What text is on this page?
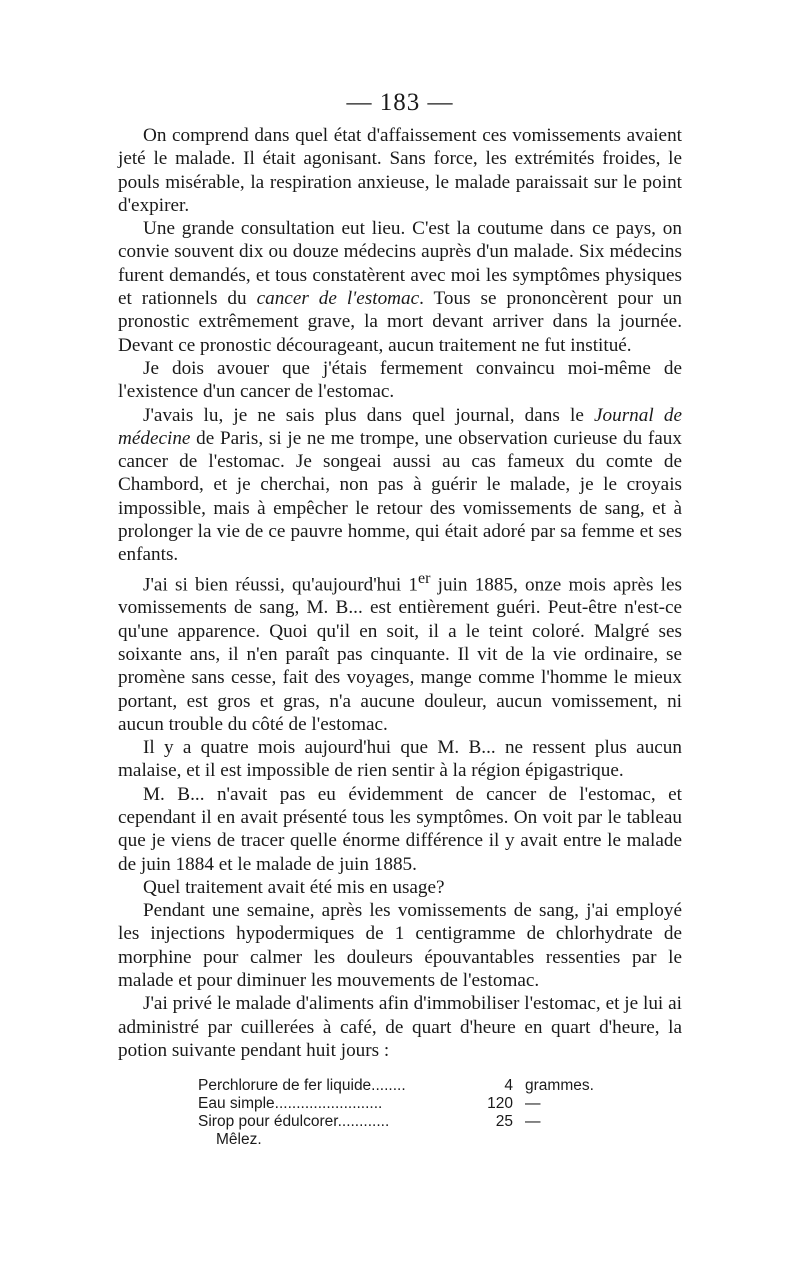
— 183 —

On comprend dans quel état d'affaissement ces vomissements avaient jeté le malade. Il était agonisant. Sans force, les extrémités froides, le pouls misérable, la respiration anxieuse, le malade paraissait sur le point d'expirer.

Une grande consultation eut lieu. C'est la coutume dans ce pays, on convie souvent dix ou douze médecins auprès d'un malade. Six médecins furent demandés, et tous constatèrent avec moi les symptômes physiques et rationnels du cancer de l'estomac. Tous se prononcèrent pour un pronostic extrêmement grave, la mort devant arriver dans la journée. Devant ce pronostic décourageant, aucun traitement ne fut institué.

Je dois avouer que j'étais fermement convaincu moi-même de l'existence d'un cancer de l'estomac.

J'avais lu, je ne sais plus dans quel journal, dans le Journal de médecine de Paris, si je ne me trompe, une observation curieuse du faux cancer de l'estomac. Je songeai aussi au cas fameux du comte de Chambord, et je cherchai, non pas à guérir le malade, je le croyais impossible, mais à empêcher le retour des vomissements de sang, et à prolonger la vie de ce pauvre homme, qui était adoré par sa femme et ses enfants.

J'ai si bien réussi, qu'aujourd'hui 1er juin 1885, onze mois après les vomissements de sang, M. B... est entièrement guéri. Peut-être n'est-ce qu'une apparence. Quoi qu'il en soit, il a le teint coloré. Malgré ses soixante ans, il n'en paraît pas cinquante. Il vit de la vie ordinaire, se promène sans cesse, fait des voyages, mange comme l'homme le mieux portant, est gros et gras, n'a aucune douleur, aucun vomissement, ni aucun trouble du côté de l'estomac.

Il y a quatre mois aujourd'hui que M. B... ne ressent plus aucun malaise, et il est impossible de rien sentir à la région épigastrique.

M. B... n'avait pas eu évidemment de cancer de l'estomac, et cependant il en avait présenté tous les symptômes. On voit par le tableau que je viens de tracer quelle énorme différence il y avait entre le malade de juin 1884 et le malade de juin 1885.

Quel traitement avait été mis en usage?

Pendant une semaine, après les vomissements de sang, j'ai employé les injections hypodermiques de 1 centigramme de chlorhydrate de morphine pour calmer les douleurs épouvantables ressenties par le malade et pour diminuer les mouvements de l'estomac.

J'ai privé le malade d'aliments afin d'immobiliser l'estomac, et je lui ai administré par cuillerées à café, de quart d'heure en quart d'heure, la potion suivante pendant huit jours :

Perchlorure de fer liquide........	4 grammes.
Eau simple.........................	120 —
Sirop pour édulcorer............	25 —
Mêlez.
